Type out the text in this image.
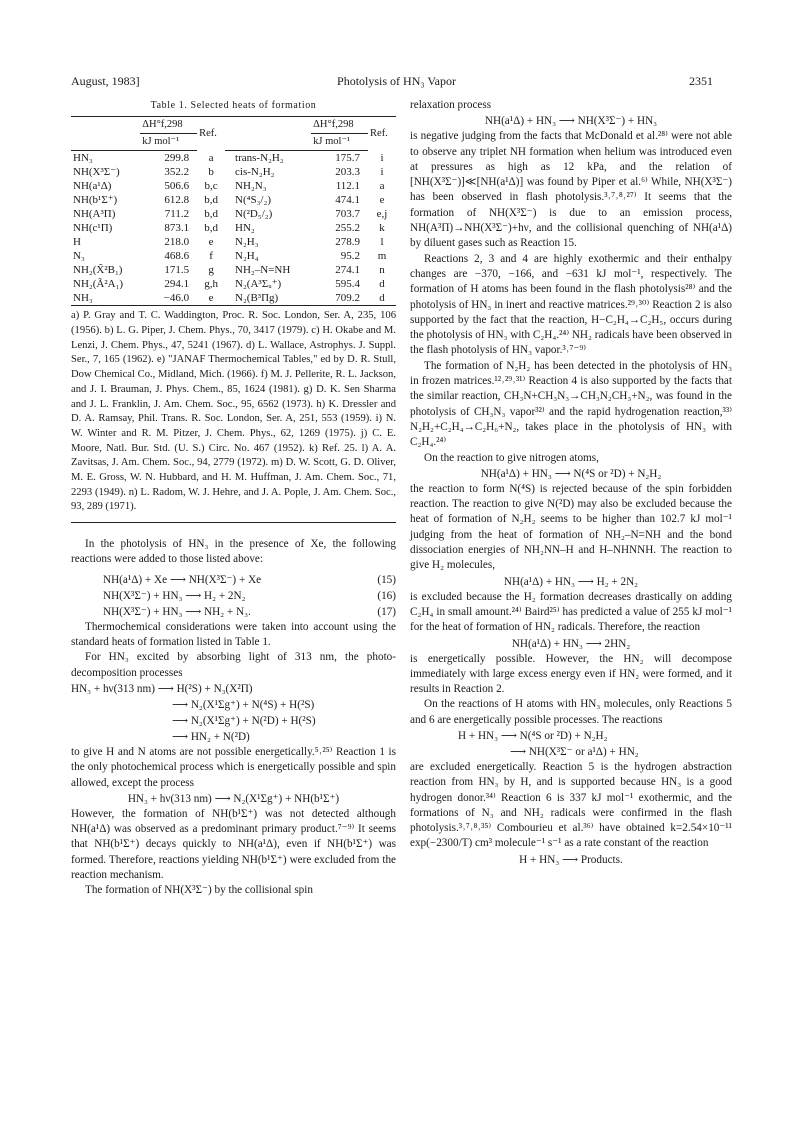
August, 1983]	Photolysis of HN₃ Vapor	2351
Table 1. Selected heats of formation
	ΔH°f,298	Ref.		ΔH°f,298	Ref.
	kJ mol⁻¹			kJ mol⁻¹	
HN₃	299.8	a	trans-N₂H₂	175.7	i
NH(X³Σ⁻)	352.2	b	cis-N₂H₂	203.3	i
NH(a¹Δ)	506.6	b,c	NH₂N₃	112.1	a
NH(b¹Σ⁺)	612.8	b,d	N(⁴S₃/₂)	474.1	e
NH(A³Π)	711.2	b,d	N(²D₅/₂)	703.7	e,j
NH(c¹Π)	873.1	b,d	HN₂	255.2	k
H	218.0	e	N₂H₃	278.9	l
N₃	468.6	f	N₂H₄	95.2	m
NH₂(X̃²B₁)	171.5	g	NH₂–N=NH	274.1	n
NH₂(Ã²A₁)	294.1	g,h	N₂(A³Σᵤ⁺)	595.4	d
NH₃	−46.0	e	N₂(B³Πg)	709.2	d
a) P. Gray and T. C. Waddington, Proc. R. Soc. London, Ser. A, 235, 106 (1956). b) L. G. Piper, J. Chem. Phys., 70, 3417 (1979). c) H. Okabe and M. Lenzi, J. Chem. Phys., 47, 5241 (1967). d) L. Wallace, Astrophys. J. Suppl. Ser., 7, 165 (1962). e) "JANAF Thermochemical Tables," ed by D. R. Stull, Dow Chemical Co., Midland, Mich. (1966). f) M. J. Pellerite, R. L. Jackson, and J. I. Brauman, J. Phys. Chem., 85, 1624 (1981). g) D. K. Sen Sharma and J. L. Franklin, J. Am. Chem. Soc., 95, 6562 (1973). h) K. Dressler and D. A. Ramsay, Phil. Trans. R. Soc. London, Ser. A, 251, 553 (1959). i) N. W. Winter and R. M. Pitzer, J. Chem. Phys., 62, 1269 (1975). j) C. E. Moore, Natl. Bur. Std. (U. S.) Circ. No. 467 (1952). k) Ref. 25. l) A. A. Zavitsas, J. Am. Chem. Soc., 94, 2779 (1972). m) D. W. Scott, G. D. Oliver, M. E. Gross, W. N. Hubbard, and H. M. Huffman, J. Am. Chem. Soc., 71, 2293 (1949). n) L. Radom, W. J. Hehre, and J. A. Pople, J. Am. Chem. Soc., 93, 289 (1971).

In the photolysis of HN₃ in the presence of Xe, the following reactions were added to those listed above:

NH(a¹Δ) + Xe ⟶ NH(X³Σ⁻) + Xe	(15)
NH(X³Σ⁻) + HN₃ ⟶ H₂ + 2N₂	(16)
NH(X³Σ⁻) + HN₃ ⟶ NH₂ + N₃.	(17)

Thermochemical considerations were taken into account using the standard heats of formation listed in Table 1.

For HN₃ excited by absorbing light of 313 nm, the photo-decomposition processes

HN₃ + hν(313 nm) ⟶ H(²S) + N₃(X²Π)
⟶ N₂(X¹Σg⁺) + N(⁴S) + H(²S)
⟶ N₂(X¹Σg⁺) + N(²D) + H(²S)
⟶ HN₂ + N(²D)

to give H and N atoms are not possible energetically.⁵˒²⁵⁾ Reaction 1 is the only photochemical process which is energetically possible and spin allowed, except the process

HN₃ + hν(313 nm) ⟶ N₂(X¹Σg⁺) + NH(b¹Σ⁺)

However, the formation of NH(b¹Σ⁺) was not detected although NH(a¹Δ) was observed as a predominant primary product.⁷⁻⁹⁾ It seems that NH(b¹Σ⁺) decays quickly to NH(a¹Δ), even if NH(b¹Σ⁺) was formed. Therefore, reactions yielding NH(b¹Σ⁺) were excluded from the reaction mechanism.

The formation of NH(X³Σ⁻) by the collisional spin

relaxation process

NH(a¹Δ) + HN₃ ⟶ NH(X³Σ⁻) + HN₃

is negative judging from the facts that McDonald et al.²⁸⁾ were not able to observe any triplet NH formation when helium was introduced even at pressures as high as 12 kPa, and the relation of [NH(X³Σ⁻)]≪[NH(a¹Δ)] was found by Piper et al.⁶⁾ While, NH(X³Σ⁻) has been observed in flash photolysis.³˒⁷˒⁸˒²⁷⁾ It seems that the formation of NH(X³Σ⁻) is due to an emission process, NH(A³Π)→NH(X³Σ⁻)+hν, and the collisional quenching of NH(a¹Δ) by diluent gases such as Reaction 15.

Reactions 2, 3 and 4 are highly exothermic and their enthalpy changes are −370, −166, and −631 kJ mol⁻¹, respectively. The formation of H atoms has been found in the flash photolysis²⁸⁾ and the photolysis of HN₃ in inert and reactive matrices.²⁹˒³⁰⁾ Reaction 2 is also supported by the fact that the reaction, H−C₂H₄→C₂H₅, occurs during the photolysis of HN₃ with C₂H₄.²⁴⁾ NH₂ radicals have been observed in the flash photolysis of HN₃ vapor.³˒⁷⁻⁹⁾

The formation of N₂H₂ has been detected in the photolysis of HN₃ in frozen matrices.¹²˒²⁹˒³¹⁾ Reaction 4 is also supported by the facts that the similar reaction, CH₃N+CH₃N₃→CH₃N₂CH₃+N₂, was found in the photolysis of CH₃N₃ vapor³²⁾ and the rapid hydrogenation reaction,³³⁾ N₂H₂+C₂H₄→C₂H₆+N₂, takes place in the photolysis of HN₃ with C₂H₄.²⁴⁾

On the reaction to give nitrogen atoms,

NH(a¹Δ) + HN₃ ⟶ N(⁴S or ²D) + N₂H₂

the reaction to form N(⁴S) is rejected because of the spin forbidden reaction. The reaction to give N(²D) may also be excluded because the heat of formation of N₂H₂ seems to be higher than 102.7 kJ mol⁻¹ judging from the heat of formation of NH₂–N=NH and the bond dissociation energies of NH₂NN–H and H–NHNNH. The reaction to give H₂ molecules,

NH(a¹Δ) + HN₃ ⟶ H₂ + 2N₂

is excluded because the H₂ formation decreases drastically on adding C₂H₄ in small amount.²⁴⁾ Baird²⁵⁾ has predicted a value of 255 kJ mol⁻¹ for the heat of formation of HN₂ radicals. Therefore, the reaction

NH(a¹Δ) + HN₃ ⟶ 2HN₂

is energetically possible. However, the HN₂ will decompose immediately with large excess energy even if HN₂ were formed, and it results in Reaction 2.

On the reactions of H atoms with HN₃ molecules, only Reactions 5 and 6 are energetically possible processes. The reactions

H + HN₃ ⟶ N(⁴S or ²D) + N₂H₂
⟶ NH(X³Σ⁻ or a¹Δ) + HN₂

are excluded energetically. Reaction 5 is the hydrogen abstraction reaction from HN₃ by H, and is supported because HN₃ is a good hydrogen donor.³⁴⁾ Reaction 6 is 337 kJ mol⁻¹ exothermic, and the formations of N₃ and NH₂ radicals were confirmed in the flash photolysis.³˒⁷˒⁸˒³⁵⁾ Combourieu et al.³⁶⁾ have obtained k=2.54×10⁻¹¹ exp(−2300/T) cm³ molecule⁻¹ s⁻¹ as a rate constant of the reaction

H + HN₃ ⟶ Products.
